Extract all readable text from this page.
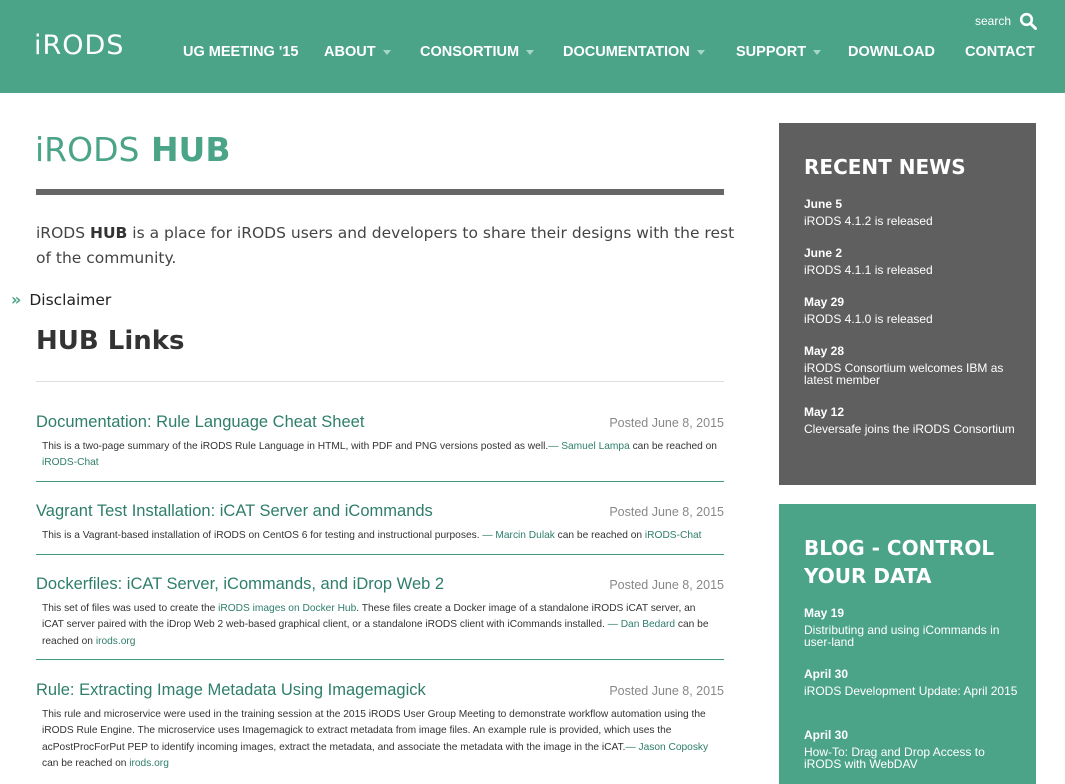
iRODS
search
UG MEETING '15 ABOUT	CONSORTIUM	DOCUMENTATION	SUPPORT	DOWNLOAD CONTACT
iRODS HUB

iRODS HUB is a place for iRODS users and developers to share their designs with the rest of the community.

» Disclaimer
HUB Links
Documentation: Rule Language Cheat Sheet	Posted June 8, 2015

This is a two-page summary of the iRODS Rule Language in HTML, with PDF and PNG versions posted as well.— Samuel Lampa can be reached on iRODS-Chat

Vagrant Test Installation: iCAT Server and iCommands	Posted June 8, 2015

This is a Vagrant-based installation of iRODS on CentOS 6 for testing and instructional purposes. — Marcin Dulak can be reached on iRODS-Chat

Dockerfiles: iCAT Server, iCommands, and iDrop Web 2	Posted June 8, 2015

This set of files was used to create the iRODS images on Docker Hub. These files create a Docker image of a standalone iRODS iCAT server, an iCAT server paired with the iDrop Web 2 web-based graphical client, or a standalone iRODS client with iCommands installed. — Dan Bedard can be reached on irods.org

Rule: Extracting Image Metadata Using Imagemagick	Posted June 8, 2015

This rule and microservice were used in the training session at the 2015 iRODS User Group Meeting to demonstrate workflow automation using the iRODS Rule Engine. The microservice uses Imagemagick to extract metadata from image files. An example rule is provided, which uses the acPostProcForPut PEP to identify incoming images, extract the metadata, and associate the metadata with the image in the iCAT.— Jason Coposky can be reached on irods.org

RECENT NEWS
June 5
iRODS 4.1.2 is released
June 2
iRODS 4.1.1 is released
May 29
iRODS 4.1.0 is released
May 28
iRODS Consortium welcomes IBM as latest member
May 12
Cleversafe joins the iRODS Consortium
BLOG - CONTROL YOUR DATA
May 19
Distributing and using iCommands in user-land
April 30
iRODS Development Update: April 2015
April 30
How-To: Drag and Drop Access to iRODS with WebDAV
